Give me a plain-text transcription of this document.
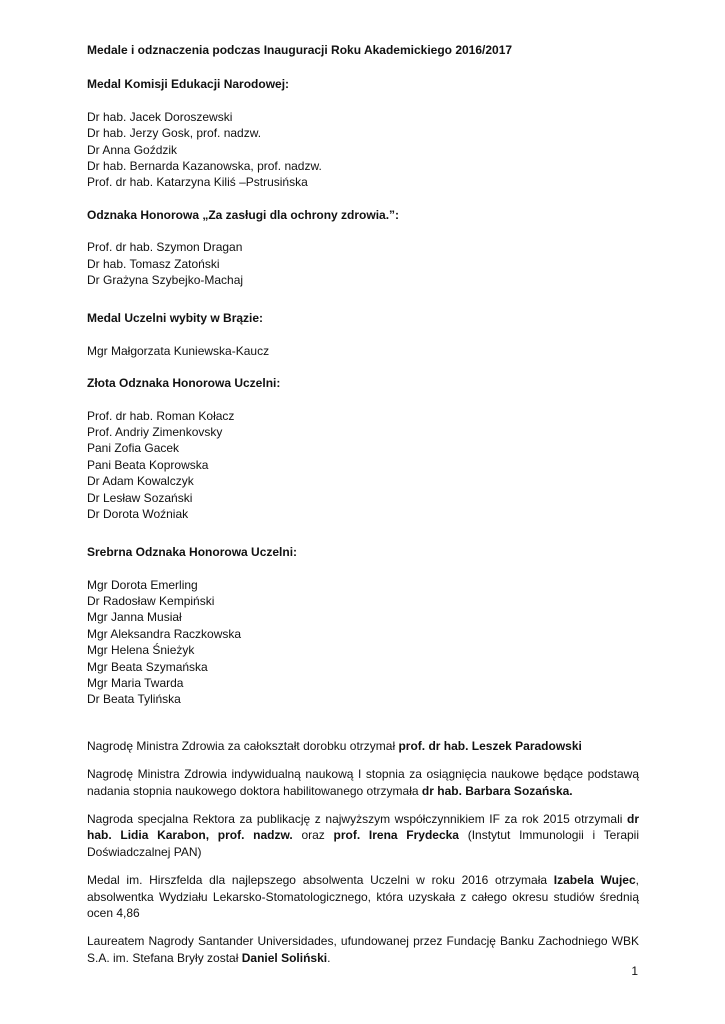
Medale i odznaczenia podczas Inauguracji Roku Akademickiego 2016/2017

Medal Komisji Edukacji Narodowej:

Dr hab. Jacek Doroszewski
Dr hab. Jerzy Gosk, prof. nadzw.
Dr Anna Goździk
Dr hab. Bernarda Kazanowska, prof. nadzw.
Prof. dr hab. Katarzyna Kiliś –Pstrusińska

Odznaka Honorowa „Za zasługi dla ochrony zdrowia.”:

Prof. dr hab. Szymon Dragan
Dr hab. Tomasz Zatoński
Dr Grażyna Szybejko-Machaj

Medal Uczelni wybity w Brązie:

Mgr Małgorzata Kuniewska-Kaucz

Złota Odznaka Honorowa Uczelni:

Prof. dr hab. Roman Kołacz
Prof. Andriy Zimenkovsky
Pani Zofia Gacek
Pani Beata Koprowska
Dr Adam Kowalczyk
Dr Lesław Sozański
Dr Dorota Woźniak

Srebrna Odznaka Honorowa Uczelni:

Mgr Dorota Emerling
Dr Radosław Kempiński
Mgr Janna Musiał
Mgr Aleksandra Raczkowska
Mgr Helena Śnieżyk
Mgr Beata Szymańska
Mgr Maria Twarda
Dr Beata Tylińska

Nagrodę Ministra Zdrowia za całokształt dorobku otrzymał prof. dr hab. Leszek Paradowski

Nagrodę Ministra Zdrowia indywidualną naukową I stopnia za osiągnięcia naukowe będące podstawą nadania stopnia naukowego doktora habilitowanego otrzymała dr hab. Barbara Sozańska.

Nagroda specjalna Rektora za publikację z najwyższym współczynnikiem IF za rok 2015 otrzymali dr hab. Lidia Karabon, prof. nadzw. oraz prof. Irena Frydecka (Instytut Immunologii i Terapii Doświadczalnej PAN)

Medal im. Hirszfelda dla najlepszego absolwenta Uczelni w roku 2016 otrzymała Izabela Wujec, absolwentka Wydziału Lekarsko-Stomatologicznego, która uzyskała z całego okresu studiów średnią ocen 4,86

Laureatem Nagrody Santander Universidades, ufundowanej przez Fundację Banku Zachodniego WBK S.A. im. Stefana Bryły został Daniel Soliński.

1
